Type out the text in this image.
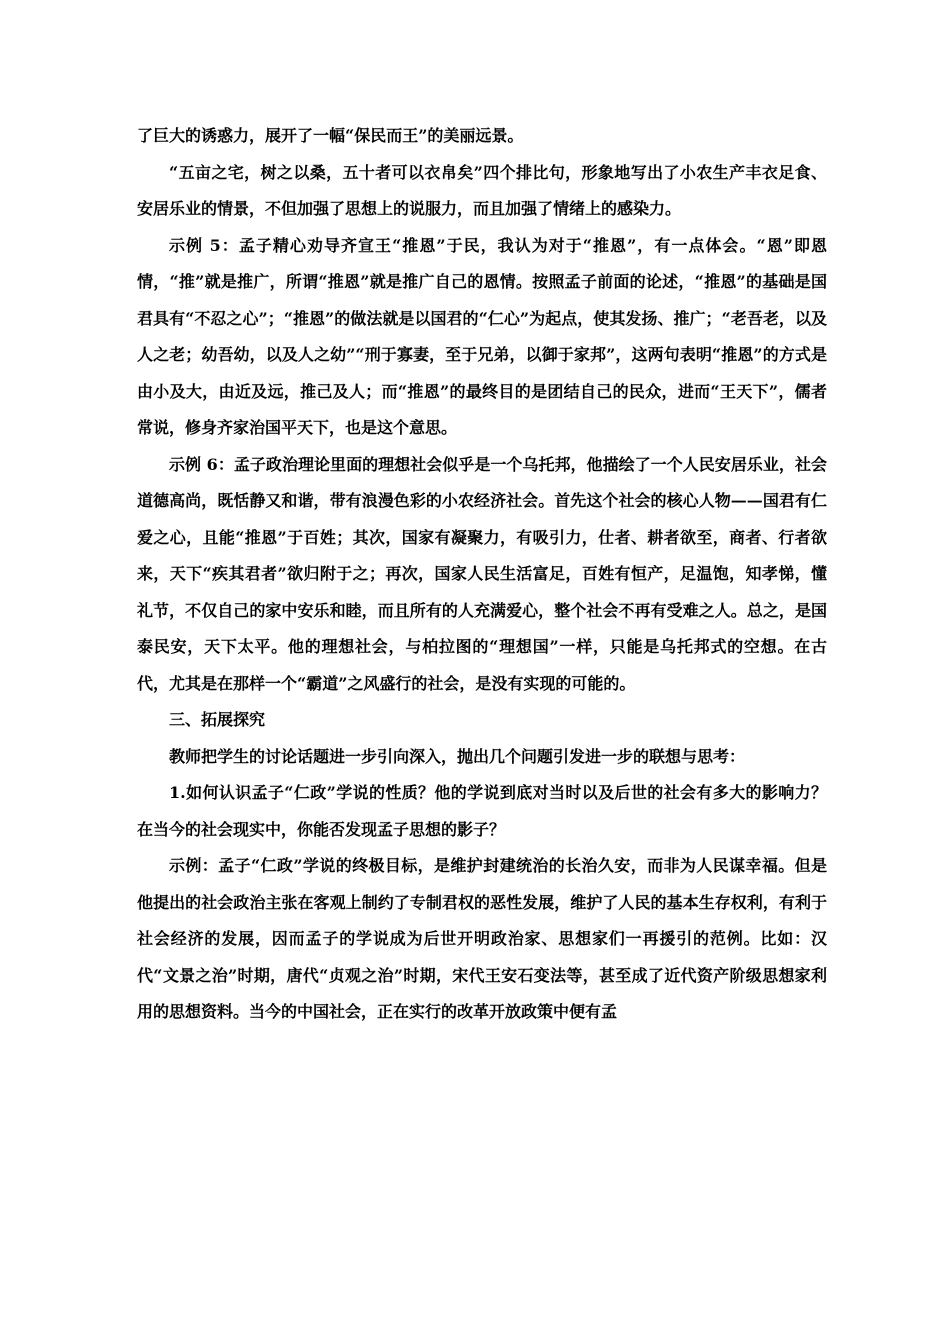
了巨大的诱惑力，展开了一幅“保民而王”的美丽远景。

“五亩之宅，树之以桑，五十者可以衣帛矣”四个排比句，形象地写出了小农生产丰衣足食、安居乐业的情景，不但加强了思想上的说服力，而且加强了情绪上的感染力。

示例 5：孟子精心劝导齐宣王“推恩”于民，我认为对于“推恩”，有一点体会。“恩”即恩情，“推”就是推广，所谓“推恩”就是推广自己的恩情。按照孟子前面的论述，“推恩”的基础是国君具有“不忍之心”；“推恩”的做法就是以国君的“仁心”为起点，使其发扬、推广；“老吾老，以及人之老；幼吾幼，以及人之幼”“刑于寡妻，至于兄弟，以御于家邦”，这两句表明“推恩”的方式是由小及大，由近及远，推己及人；而“推恩”的最终目的是团结自己的民众，进而“王天下”，儒者常说，修身齐家治国平天下，也是这个意思。

示例 6：孟子政治理论里面的理想社会似乎是一个乌托邦，他描绘了一个人民安居乐业，社会道德高尚，既恬静又和谐，带有浪漫色彩的小农经济社会。首先这个社会的核心人物——国君有仁爱之心，且能“推恩”于百姓；其次，国家有凝聚力，有吸引力，仕者、耕者欲至，商者、行者欲来，天下“疾其君者”欲归附于之；再次，国家人民生活富足，百姓有恒产，足温饱，知孝悌，懂礼节，不仅自己的家中安乐和睦，而且所有的人充满爱心，整个社会不再有受难之人。总之，是国泰民安，天下太平。他的理想社会，与柏拉图的“理想国”一样，只能是乌托邦式的空想。在古代，尤其是在那样一个“霸道”之风盛行的社会，是没有实现的可能的。

三、拓展探究

教师把学生的讨论话题进一步引向深入，抛出几个问题引发进一步的联想与思考：

1.如何认识孟子“仁政”学说的性质？他的学说到底对当时以及后世的社会有多大的影响力？在当今的社会现实中，你能否发现孟子思想的影子？

示例：孟子“仁政”学说的终极目标，是维护封建统治的长治久安，而非为人民谋幸福。但是他提出的社会政治主张在客观上制约了专制君权的恶性发展，维护了人民的基本生存权利，有利于社会经济的发展，因而孟子的学说成为后世开明政治家、思想家们一再援引的范例。比如：汉代“文景之治”时期，唐代“贞观之治”时期，宋代王安石变法等，甚至成了近代资产阶级思想家利用的思想资料。当今的中国社会，正在实行的改革开放政策中便有孟
